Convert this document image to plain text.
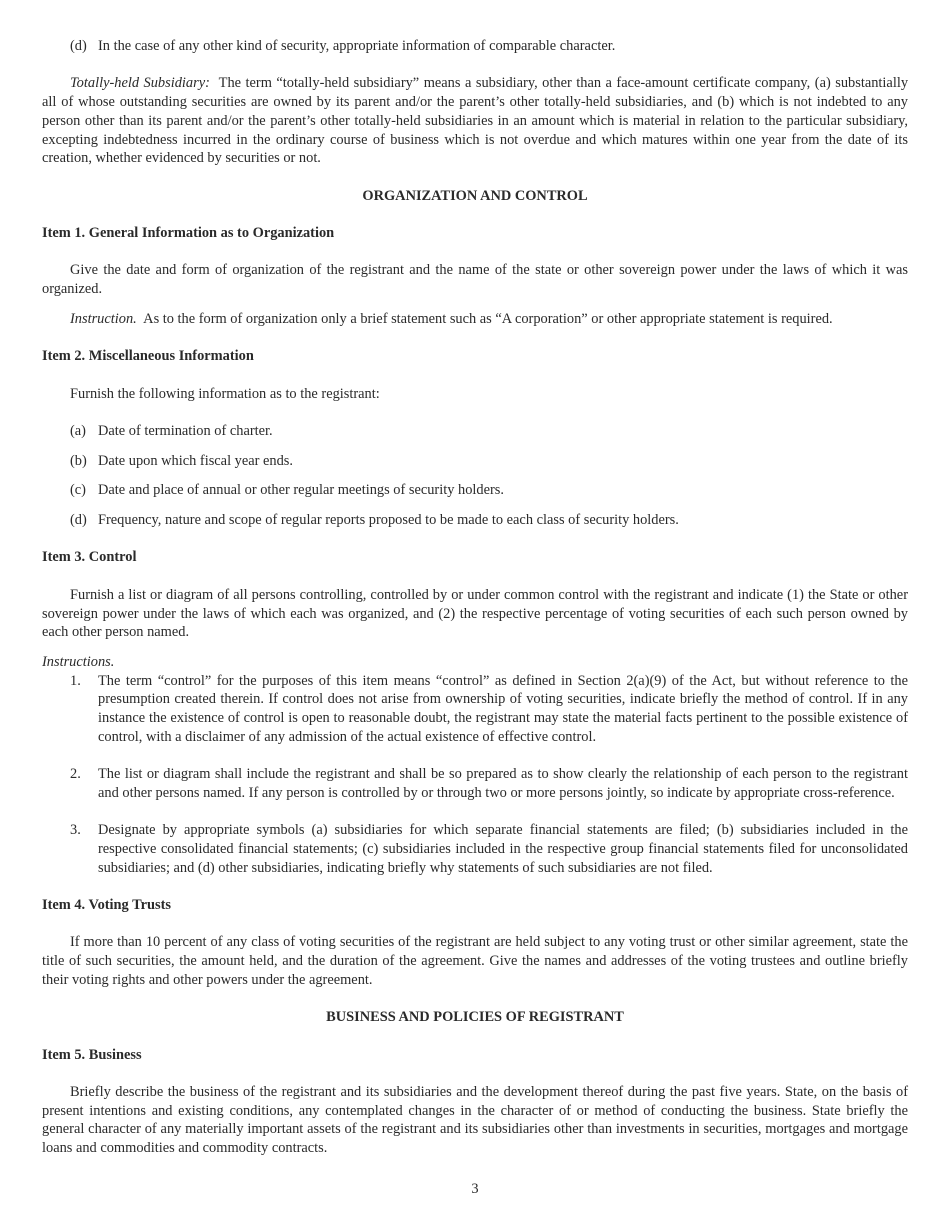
(d) In the case of any other kind of security, appropriate information of comparable character.

Totally-held Subsidiary: The term “totally-held subsidiary” means a subsidiary, other than a face-amount certificate company, (a) substantially all of whose outstanding securities are owned by its parent and/or the parent’s other totally-held subsidiaries, and (b) which is not indebted to any person other than its parent and/or the parent’s other totally-held subsidiaries in an amount which is material in relation to the particular subsidiary, excepting indebtedness incurred in the ordinary course of business which is not overdue and which matures within one year from the date of its creation, whether evidenced by securities or not.

ORGANIZATION AND CONTROL

Item 1. General Information as to Organization

Give the date and form of organization of the registrant and the name of the state or other sovereign power under the laws of which it was organized.

Instruction. As to the form of organization only a brief statement such as “A corporation” or other appropriate statement is required.

Item 2. Miscellaneous Information

Furnish the following information as to the registrant:

(a) Date of termination of charter.
(b) Date upon which fiscal year ends.
(c) Date and place of annual or other regular meetings of security holders.
(d) Frequency, nature and scope of regular reports proposed to be made to each class of security holders.

Item 3. Control

Furnish a list or diagram of all persons controlling, controlled by or under common control with the registrant and indicate (1) the State or other sovereign power under the laws of which each was organized, and (2) the respective percentage of voting securities of each such person owned by each other person named.

Instructions.

1.	The term “control” for the purposes of this item means “control” as defined in Section 2(a)(9) of the Act, but without reference to the presumption created therein. If control does not arise from ownership of voting securities, indicate briefly the method of control. If in any instance the existence of control is open to reasonable doubt, the registrant may state the material facts pertinent to the possible existence of control, with a disclaimer of any admission of the actual existence of effective control.
2.	The list or diagram shall include the registrant and shall be so prepared as to show clearly the relationship of each person to the registrant and other persons named. If any person is controlled by or through two or more persons jointly, so indicate by appropriate cross-reference.
3.	Designate by appropriate symbols (a) subsidiaries for which separate financial statements are filed; (b) subsidiaries included in the respective consolidated financial statements; (c) subsidiaries included in the respective group financial statements filed for unconsolidated subsidiaries; and (d) other subsidiaries, indicating briefly why statements of such subsidiaries are not filed.

Item 4. Voting Trusts

If more than 10 percent of any class of voting securities of the registrant are held subject to any voting trust or other similar agreement, state the title of such securities, the amount held, and the duration of the agreement. Give the names and addresses of the voting trustees and outline briefly their voting rights and other powers under the agreement.

BUSINESS AND POLICIES OF REGISTRANT

Item 5. Business

Briefly describe the business of the registrant and its subsidiaries and the development thereof during the past five years. State, on the basis of present intentions and existing conditions, any contemplated changes in the character of or method of conducting the business. State briefly the general character of any materially important assets of the registrant and its subsidiaries other than investments in securities, mortgages and mortgage loans and commodities and commodity contracts.

3
